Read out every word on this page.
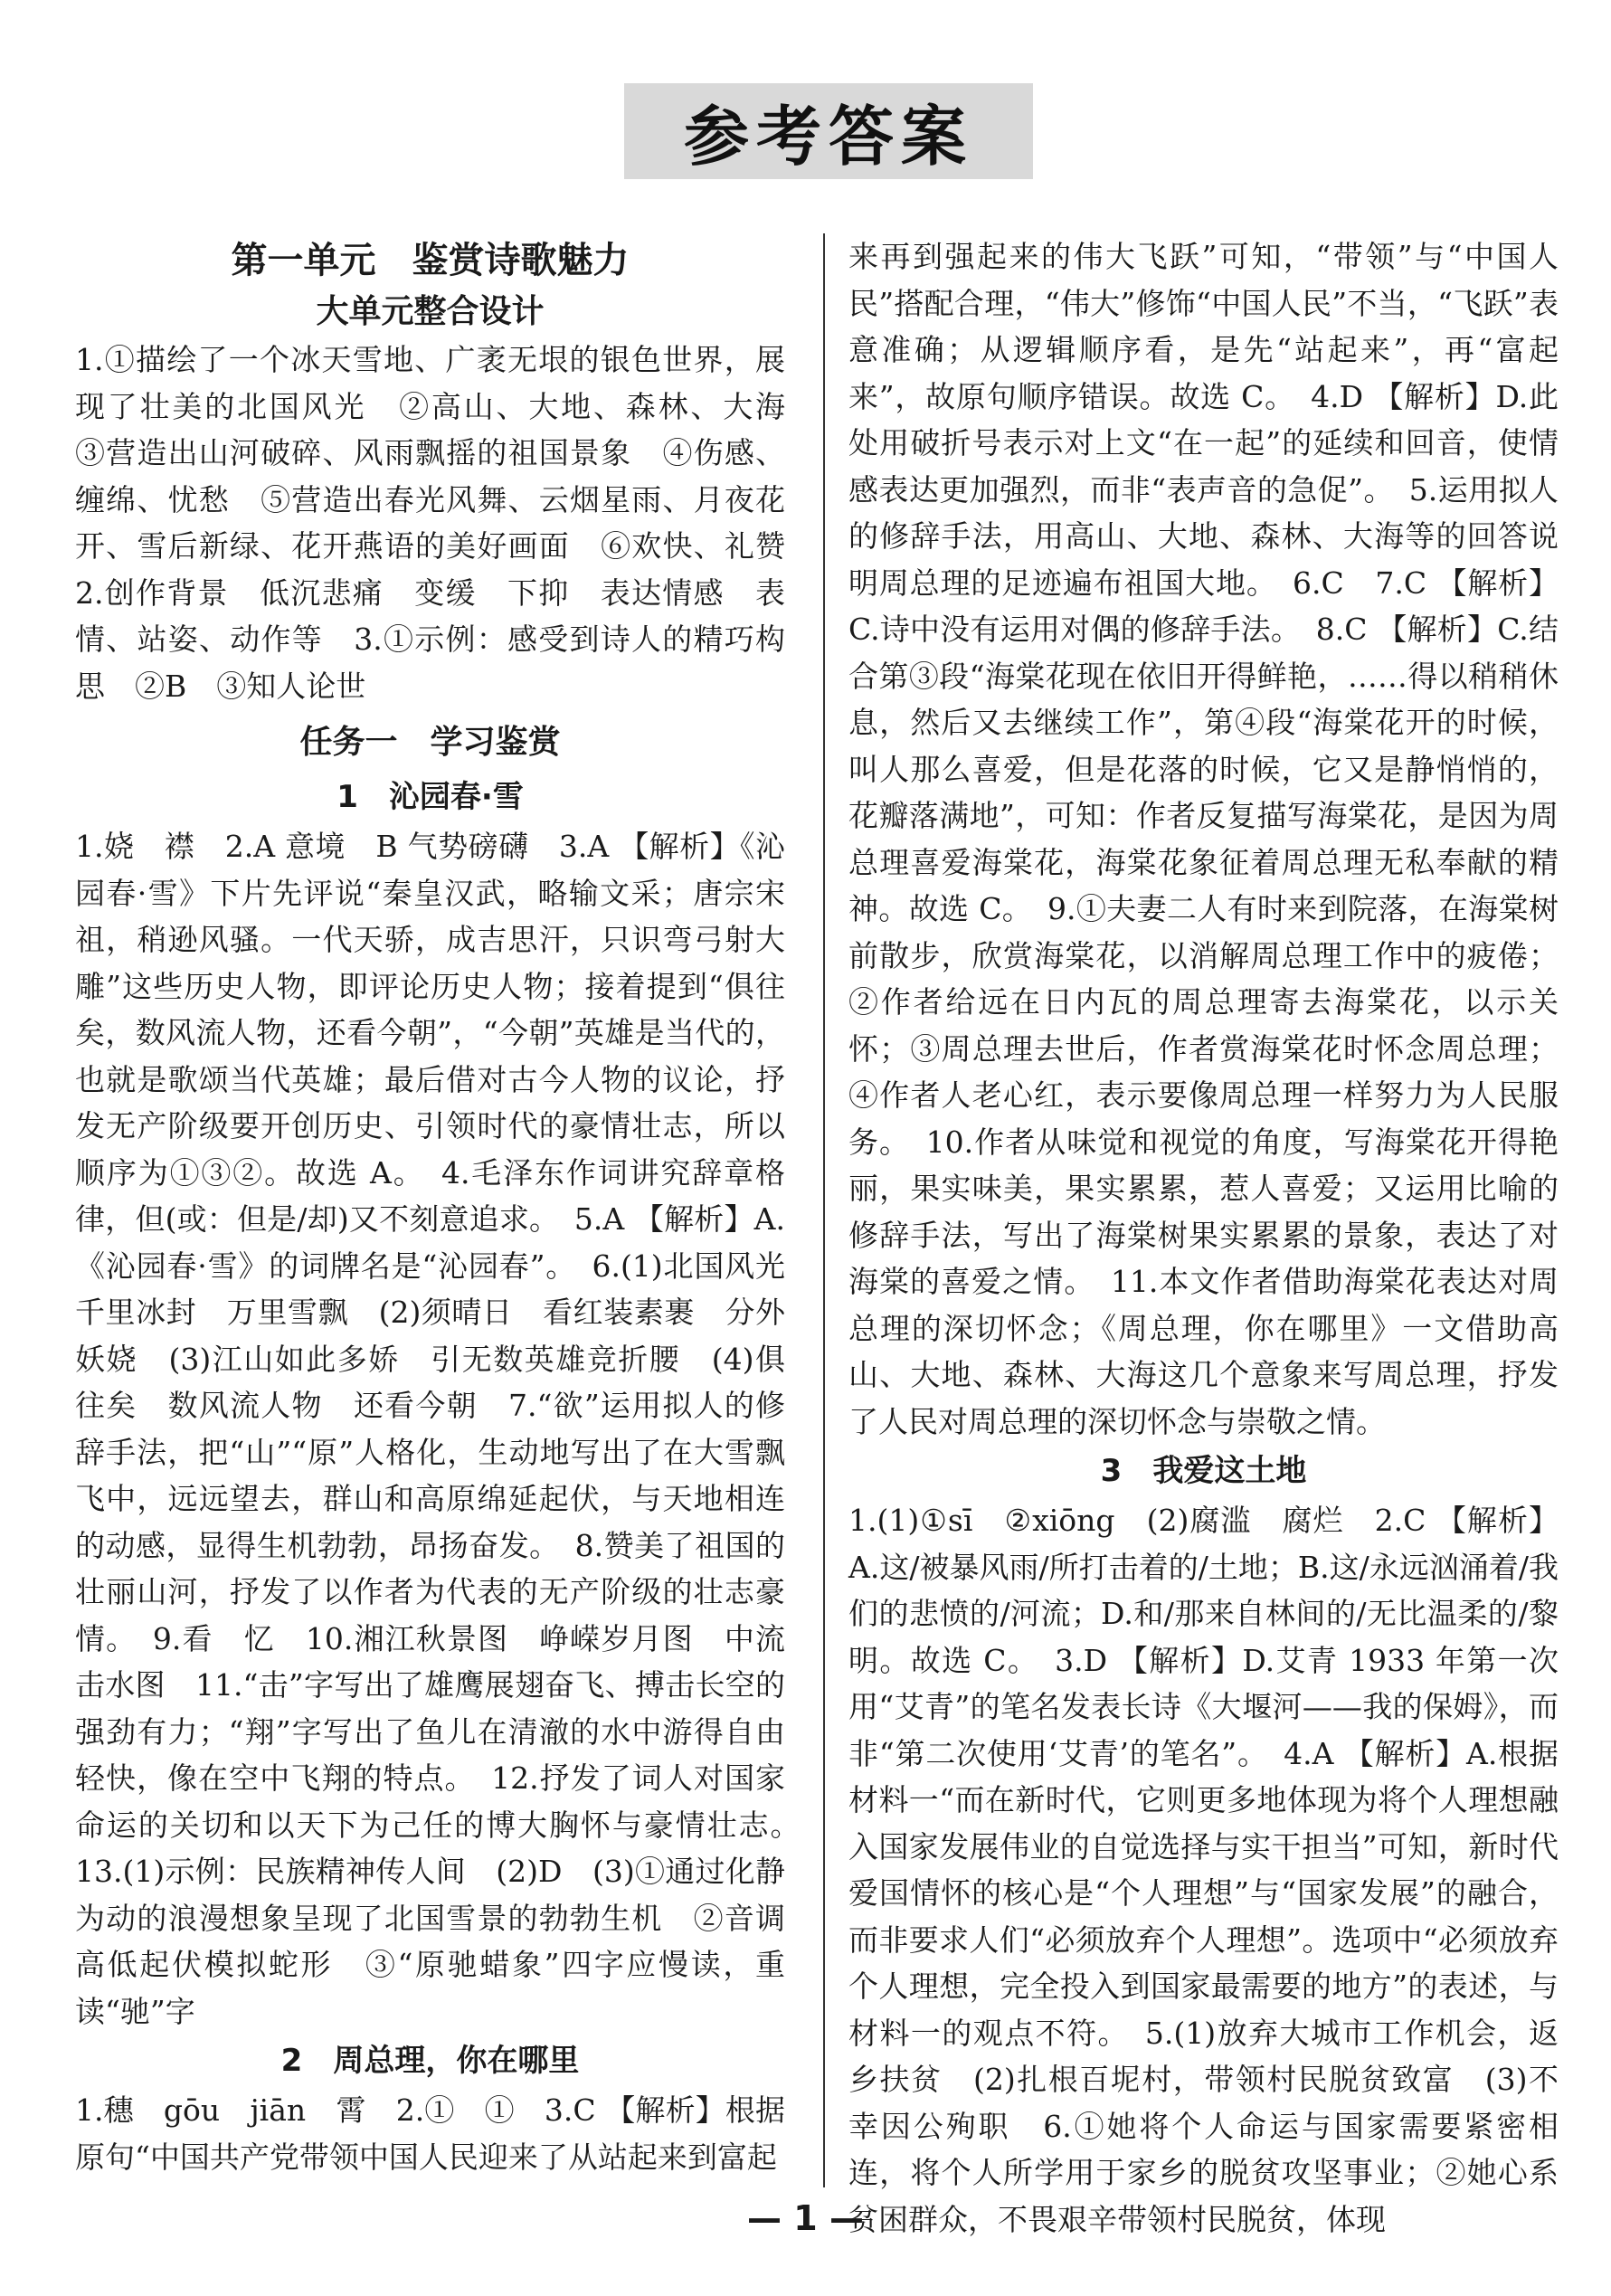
参考答案

第一单元　鉴赏诗歌魅力

大单元整合设计

1.①描绘了一个冰天雪地、广袤无垠的银色世界，展现了壮美的北国风光　②高山、大地、森林、大海　③营造出山河破碎、风雨飘摇的祖国景象　④伤感、缠绵、忧愁　⑤营造出春光风舞、云烟星雨、月夜花开、雪后新绿、花开燕语的美好画面　⑥欢快、礼赞　2.创作背景　低沉悲痛　变缓　下抑　表达情感　表情、站姿、动作等　3.①示例：感受到诗人的精巧构思　②B　③知人论世

任务一　学习鉴赏

1　沁园春·雪

1.娆　襟　2.A 意境　B 气势磅礴　3.A 【解析】《沁园春·雪》下片先评说“秦皇汉武，略输文采；唐宗宋祖，稍逊风骚。一代天骄，成吉思汗，只识弯弓射大雕”这些历史人物，即评论历史人物；接着提到“俱往矣，数风流人物，还看今朝”，“今朝”英雄是当代的，也就是歌颂当代英雄；最后借对古今人物的议论，抒发无产阶级要开创历史、引领时代的豪情壮志，所以顺序为①③②。故选 A。　4.毛泽东作词讲究辞章格律，但(或：但是/却)又不刻意追求。　5.A 【解析】A.《沁园春·雪》的词牌名是“沁园春”。　6.(1)北国风光　千里冰封　万里雪飘　(2)须晴日　看红装素裹　分外妖娆　(3)江山如此多娇　引无数英雄竞折腰　(4)俱往矣　数风流人物　还看今朝　7.“欲”运用拟人的修辞手法，把“山”“原”人格化，生动地写出了在大雪飘飞中，远远望去，群山和高原绵延起伏，与天地相连的动感，显得生机勃勃，昂扬奋发。　8.赞美了祖国的壮丽山河，抒发了以作者为代表的无产阶级的壮志豪情。　9.看　忆　10.湘江秋景图　峥嵘岁月图　中流击水图　11.“击”字写出了雄鹰展翅奋飞、搏击长空的强劲有力；“翔”字写出了鱼儿在清澈的水中游得自由轻快，像在空中飞翔的特点。　12.抒发了词人对国家命运的关切和以天下为己任的博大胸怀与豪情壮志。　13.(1)示例：民族精神传人间　(2)D　(3)①通过化静为动的浪漫想象呈现了北国雪景的勃勃生机　②音调高低起伏模拟蛇形　③“原驰蜡象”四字应慢读，重读“驰”字

2　周总理，你在哪里

1.穗　gōu　jiān　霄　2.①　①　3.C 【解析】根据原句“中国共产党带领中国人民迎来了从站起来到富起

来再到强起来的伟大飞跃”可知，“带领”与“中国人民”搭配合理，“伟大”修饰“中国人民”不当，“飞跃”表意准确；从逻辑顺序看，是先“站起来”，再“富起来”，故原句顺序错误。故选 C。　4.D 【解析】D.此处用破折号表示对上文“在一起”的延续和回音，使情感表达更加强烈，而非“表声音的急促”。　5.运用拟人的修辞手法，用高山、大地、森林、大海等的回答说明周总理的足迹遍布祖国大地。　6.C　7.C 【解析】C.诗中没有运用对偶的修辞手法。　8.C 【解析】C.结合第③段“海棠花现在依旧开得鲜艳，……得以稍稍休息，然后又去继续工作”，第④段“海棠花开的时候，叫人那么喜爱，但是花落的时候，它又是静悄悄的，花瓣落满地”，可知：作者反复描写海棠花，是因为周总理喜爱海棠花，海棠花象征着周总理无私奉献的精神。故选 C。　9.①夫妻二人有时来到院落，在海棠树前散步，欣赏海棠花，以消解周总理工作中的疲倦；②作者给远在日内瓦的周总理寄去海棠花，以示关怀；③周总理去世后，作者赏海棠花时怀念周总理；④作者人老心红，表示要像周总理一样努力为人民服务。　10.作者从味觉和视觉的角度，写海棠花开得艳丽，果实味美，果实累累，惹人喜爱；又运用比喻的修辞手法，写出了海棠树果实累累的景象，表达了对海棠的喜爱之情。　11.本文作者借助海棠花表达对周总理的深切怀念；《周总理，你在哪里》一文借助高山、大地、森林、大海这几个意象来写周总理，抒发了人民对周总理的深切怀念与崇敬之情。

3　我爱这土地

1.(1)①sī　②xiōng　(2)腐滥　腐烂　2.C 【解析】A.这/被暴风雨/所打击着的/土地；B.这/永远汹涌着/我们的悲愤的/河流；D.和/那来自林间的/无比温柔的/黎明。故选 C。　3.D 【解析】D.艾青 1933 年第一次用“艾青”的笔名发表长诗《大堰河——我的保姆》，而非“第二次使用‘艾青’的笔名”。　4.A 【解析】A.根据材料一“而在新时代，它则更多地体现为将个人理想融入国家发展伟业的自觉选择与实干担当”可知，新时代爱国情怀的核心是“个人理想”与“国家发展”的融合，而非要求人们“必须放弃个人理想”。选项中“必须放弃个人理想，完全投入到国家最需要的地方”的表述，与材料一的观点不符。　5.(1)放弃大城市工作机会，返乡扶贫　(2)扎根百坭村，带领村民脱贫致富　(3)不幸因公殉职　6.①她将个人命运与国家需要紧密相连，将个人所学用于家乡的脱贫攻坚事业；②她心系贫困群众，不畏艰辛带领村民脱贫，体现

— 1 —
